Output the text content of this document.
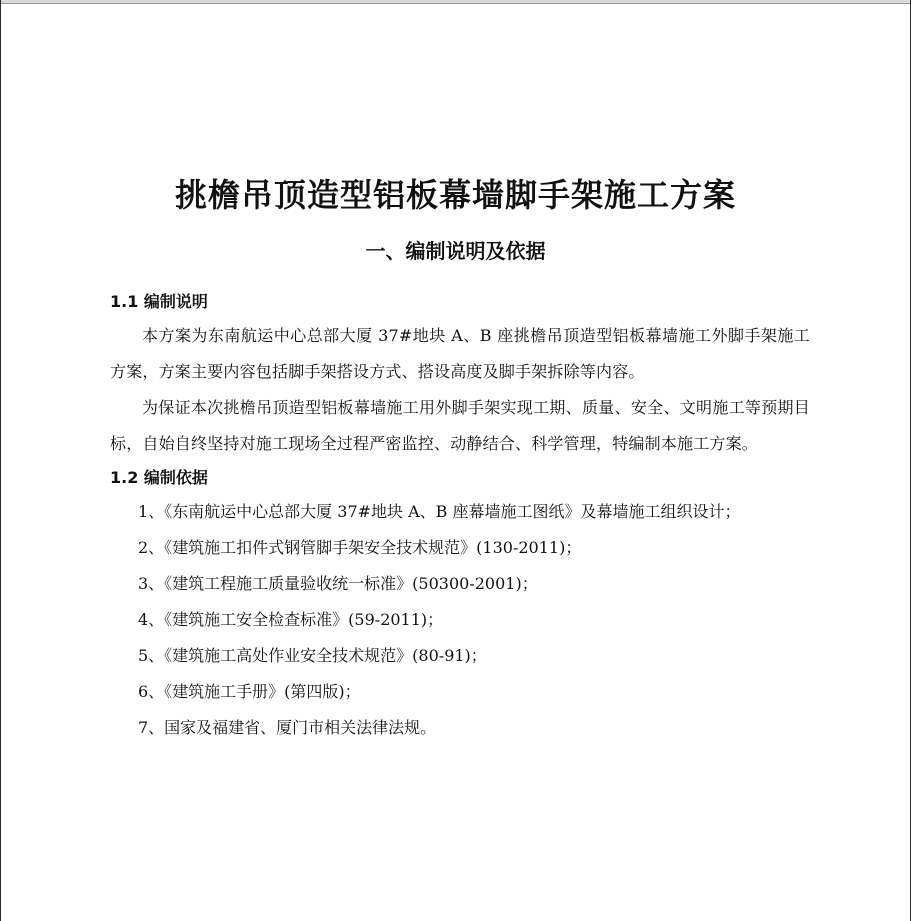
挑檐吊顶造型铝板幕墙脚手架施工方案
一、编制说明及依据
1.1 编制说明

本方案为东南航运中心总部大厦 37#地块 A、B 座挑檐吊顶造型铝板幕墙施工外脚手架施工方案，方案主要内容包括脚手架搭设方式、搭设高度及脚手架拆除等内容。

为保证本次挑檐吊顶造型铝板幕墙施工用外脚手架实现工期、质量、安全、文明施工等预期目标，自始自终坚持对施工现场全过程严密监控、动静结合、科学管理，特编制本施工方案。

1.2 编制依据
1、《东南航运中心总部大厦 37#地块 A、B 座幕墙施工图纸》及幕墙施工组织设计；
2、《建筑施工扣件式钢管脚手架安全技术规范》(130-2011)；
3、《建筑工程施工质量验收统一标准》(50300-2001)；
4、《建筑施工安全检查标准》(59-2011)；
5、《建筑施工高处作业安全技术规范》(80-91)；
6、《建筑施工手册》(第四版)；
7、国家及福建省、厦门市相关法律法规。
